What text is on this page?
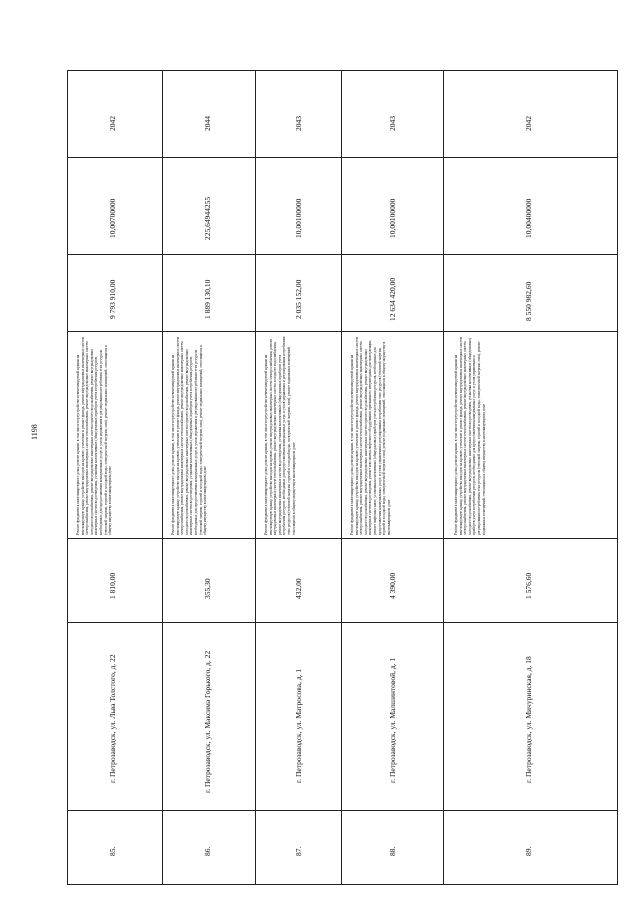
1198
2042
10,00700000
9 793 910,00
Ремонт фундамента многоквартирного дома, ремонт крыши, в том числе переустройство невентилируемой крыши на вентилируемую крышу, устройство выходов на кровлю, утепление и ремонт фасада, ремонт внутридомовых инженерных систем электроснабжения, ремонт внутридомовых инженерных систем теплоснабжения, ремонт внутридомовых инженерных систем холодного водоснабжения, ремонт внутридомовых инженерных систем горячего водоснабжения, ремонт внутридомовых инженерных систем водоотведения, установка коллективных (общедомовых) приборов учета потребления ресурсов, необходимых для предоставления коммунальных услуг, и узлов управления и регулирования потребления этих ресурсов (тепловой энергии, горячей и холодной воды, электрической энергии, газа), ремонт подвальных помещений, относящихся к общему имуществу в многоквартирном доме
1 810,00
г. Петрозаводск, ул. Льва Толстого, д. 22
85.
2044
225,64944255
1 889 130,10
Ремонт фундамента многоквартирного дома, ремонт крыши, в том числе переустройство невентилируемой крыши на вентилируемую крышу, устройство выходов на кровлю, утепление и ремонт фасада, ремонт внутридомовых инженерных систем электроснабжения, ремонт внутридомовых инженерных систем теплоснабжения, ремонт внутридомовых инженерных систем холодного водоснабжения, ремонт внутридомовых инженерных систем горячего водоснабжения, ремонт внутридомовых инженерных систем водоотведения, установка коллективных (общедомовых) приборов учета потребления ресурсов, необходимых для предоставления коммунальных услуг, и узлов управления и регулирования потребления этих ресурсов (тепловой энергии, горячей и холодной воды, электрической энергии, газа), ремонт подвальных помещений, относящихся к общему имуществу в многоквартирном доме
355,30
г. Петрозаводск, ул. Максима Горького, д. 22
86.
2043
10,00100000
2 035 152,00
Ремонт фундамента многоквартирного дома, ремонт крыши, в том числе переустройство невентилируемой крыши на вентилируемую крышу, устройство выходов на кровлю, ремонт внутридомовых инженерных систем электроснабжения, ремонт внутридомовых инженерных систем теплоснабжения, ремонт внутридомовых инженерных систем холодного водоснабжения, ремонт внутридомовых инженерных систем водоотведения, установка коллективных (общедомовых) приборов учета потребления ресурсов, необходимых для предоставления коммунальных услуг, и узлов управления и регулирования потребления этих ресурсов (тепловой энергии, горячей и холодной воды, электрической энергии, газа), ремонт подвальных помещений, относящихся к общему имуществу в многоквартирном доме
432,00
г. Петрозаводск, ул. Матросова, д. 1
87.
2043
10,00100000
12 634 420,00
Ремонт фундамента многоквартирного дома, ремонт крыши, в том числе переустройство невентилируемой крыши на вентилируемую крышу, устройство выходов на кровлю, утепление и ремонт фасада, ремонт внутридомовых инженерных систем электроснабжения, ремонт внутридомовых инженерных систем теплоснабжения, ремонт внутридомовых инженерных систем холодного водоснабжения, ремонт внутридомовых инженерных систем горячего водоснабжения, ремонт внутридомовых инженерных систем водоотведения, ремонт или замена лифтового оборудования, признанного непригодным для эксплуатации, ремонт лифтовых шахт, установка коллективных (общедомовых) приборов учета потребления ресурсов, необходимых для предоставления коммунальных услуг, и узлов управления и регулирования потребления этих ресурсов (тепловой энергии, горячей и холодной воды, электрической энергии, газа), ремонт подвальных помещений, относящихся к общему имуществу в многоквартирном доме
4 390,00
г. Петрозаводск, ул. Малшинтовой, д. 1
88.
2042
10,00400000
8 550 982,60
Ремонт фундамента многоквартирного дома, ремонт крыши, в том числе переустройство невентилируемой крыши на вентилируемую крышу, устройство выходов на кровлю, утепление и ремонт фасада, ремонт внутридомовых инженерных систем электроснабжения, ремонт внутридомовых инженерных систем теплоснабжения, ремонт внутридомовых инженерных систем холодного водоснабжения, ремонт внутридомовых инженерных систем водоотведения, установка коллективных (общедомовых) приборов учета потребления ресурсов, необходимых для предоставления коммунальных услуг, и узлов управления и регулирования потребления этих ресурсов (тепловой энергии, горячей и холодной воды, электрической энергии, газа), ремонт подвальных помещений, относящихся к общему имуществу в многоквартирном доме
1 576,60
г. Петрозаводск, ул. Мичуринская, д. 18
89.
